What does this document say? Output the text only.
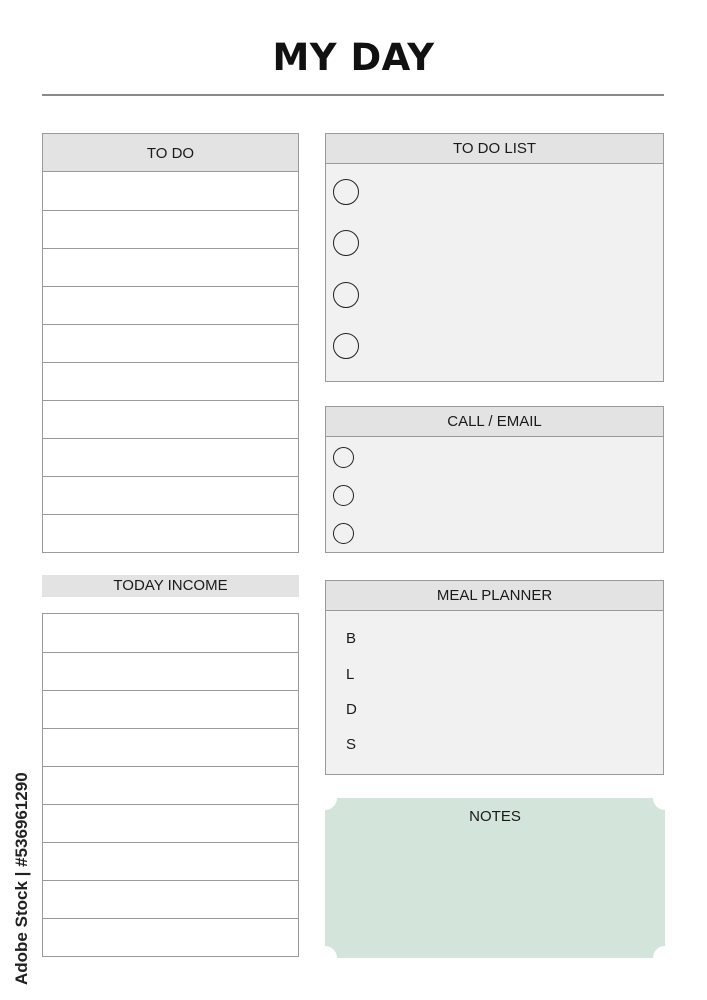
MY DAY
TO DO	TO DO LIST
CALL / EMAIL
TODAY INCOME
MEAL PLANNER
B
L
D
S
NOTES
Adobe Stock | #536961290
